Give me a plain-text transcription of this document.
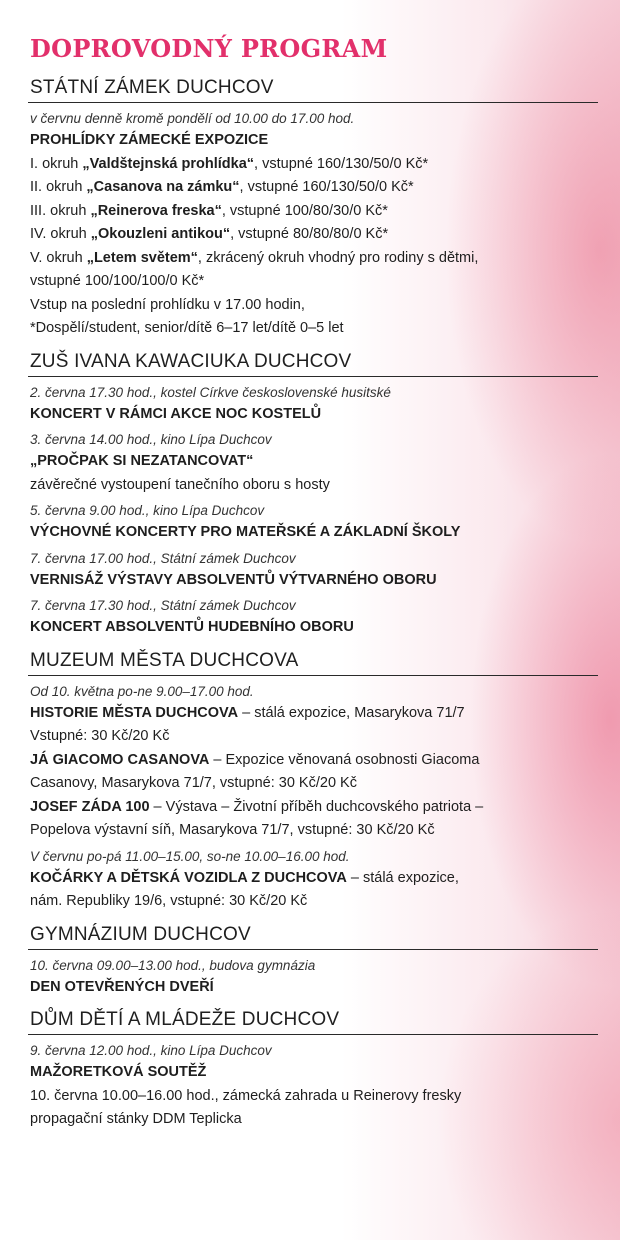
DOPROVODNÝ PROGRAM
STÁTNÍ ZÁMEK DUCHCOV
v červnu denně kromě pondělí od 10.00 do 17.00 hod.
PROHLÍDKY ZÁMECKÉ EXPOZICE
I. okruh „Valdštejnská prohlídka“, vstupné 160/130/50/0 Kč*
II. okruh „Casanova na zámku“, vstupné 160/130/50/0 Kč*
III. okruh „Reinerova freska“, vstupné 100/80/30/0 Kč*
IV. okruh „Okouzleni antikou“, vstupné 80/80/80/0 Kč*
V. okruh „Letem světem“, zkrácený okruh vhodný pro rodiny s dětmi,
vstupné 100/100/100/0 Kč*
Vstup na poslední prohlídku v 17.00 hodin,
*Dospělí/student, senior/dítě 6–17 let/dítě 0–5 let
ZUŠ IVANA KAWACIUKA DUCHCOV
2. června 17.30 hod., kostel Církve československé husitské
KONCERT V RÁMCI AKCE NOC KOSTELŮ
3. června 14.00 hod., kino Lípa Duchcov
„PROČPAK SI NEZATANCOVAT“
závěrečné vystoupení tanečního oboru s hosty
5. června 9.00 hod., kino Lípa Duchcov
VÝCHOVNÉ KONCERTY PRO MATEŘSKÉ A ZÁKLADNÍ ŠKOLY
7. června 17.00 hod., Státní zámek Duchcov
VERNISÁŽ VÝSTAVY ABSOLVENTŮ VÝTVARNÉHO OBORU
7. června 17.30 hod., Státní zámek Duchcov
KONCERT ABSOLVENTŮ HUDEBNÍHO OBORU
MUZEUM MĚSTA DUCHCOVA
Od 10. května po-ne 9.00–17.00 hod.
HISTORIE MĚSTA DUCHCOVA – stálá expozice, Masarykova 71/7
Vstupné: 30 Kč/20 Kč
JÁ GIACOMO CASANOVA – Expozice věnovaná osobnosti Giacoma
Casanovy, Masarykova 71/7, vstupné: 30 Kč/20 Kč
JOSEF ZÁDA 100 – Výstava – Životní příběh duchcovského patriota –
Popelova výstavní síň, Masarykova 71/7, vstupné: 30 Kč/20 Kč
V červnu po-pá 11.00–15.00, so-ne 10.00–16.00 hod.
KOČÁRKY A DĚTSKÁ VOZIDLA Z DUCHCOVA – stálá expozice,
nám. Republiky 19/6, vstupné: 30 Kč/20 Kč
GYMNÁZIUM DUCHCOV
10. června 09.00–13.00 hod., budova gymnázia
DEN OTEVŘENÝCH DVEŘÍ
DŮM DĚTÍ A MLÁDEŽE DUCHCOV
9. června 12.00 hod., kino Lípa Duchcov
MAŽORETKOVÁ SOUTĚŽ
10. června 10.00–16.00 hod., zámecká zahrada u Reinerovy fresky
propagační stánky DDM Teplicka
